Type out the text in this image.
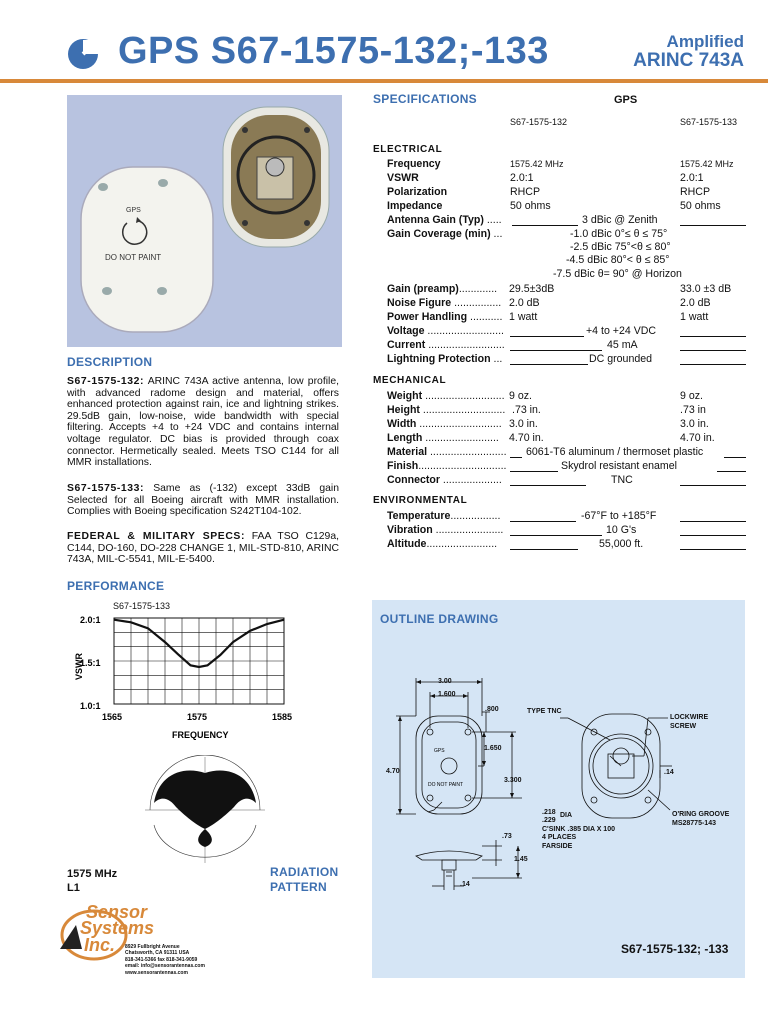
GPS S67-1575-132;-133	Amplified
ARINC 743A
GPS
DO NOT PAINT
DESCRIPTION
S67-1575-132: ARINC 743A active antenna, low profile, with advanced radome design and material, offers enhanced protection against rain, ice and lightning strikes. 29.5dB gain, low-noise, wide bandwidth with special filtering. Accepts +4 to +24 VDC and contains internal voltage regulator. DC bias is provided through coax connector. Hermetically sealed. Meets TSO C144 for all MMR installations.
S67-1575-133: Same as (-132) except 33dB gain Selected for all Boeing aircraft with MMR installation. Complies with Boeing specification S242T104-102.
FEDERAL & MILITARY SPECS: FAA TSO C129a, C144, DO-160, DO-228 CHANGE 1, MIL-STD-810, ARINC 743A, MIL-C-5541, MIL-E-5400.
PERFORMANCE
S67-1575-133
VSWR
2.0:1
1.5:1
1.0:1
1565	1575	1585
FREQUENCY
1575 MHz
L1
RADIATION
PATTERN
Sensor
Systems
Inc. 8929 Fullbright Avenue
Chatsworth, CA 91311 USA
818-341-5366 fax 818-341-9059
email: info@sensorantennas.com
www.sensorantennas.com
SPECIFICATIONS	GPS
S67-1575-132	S67-1575-133
ELECTRICAL
Frequency	1575.42 MHz	1575.42 MHz
VSWR	2.0:1	2.0:1
Polarization	RHCP	RHCP
Impedance	50 ohms	50 ohms
Antenna Gain (Typ) .....	3 dBic @ Zenith
Gain Coverage (min) ...	-1.0 dBic 0°≤ θ ≤ 75°
-2.5 dBic 75°<θ ≤ 80°
-4.5 dBic 80°< θ ≤ 85°
-7.5 dBic θ= 90° @ Horizon
Gain (preamp)............. 29.5±3dB	33.0 ±3 dB
Noise Figure ................ 2.0 dB	2.0 dB
Power Handling ........... 1 watt	1 watt
Voltage ..........................	+4 to +24 VDC
Current ..........................	45 mA
Lightning Protection ...	DC grounded
MECHANICAL
Weight ........................... 9 oz.	9 oz.
Height ............................ .73 in.	.73 in
Width ............................ 3.0 in.	3.0 in.
Length ......................... 4.70 in.	4.70 in.
Material .......................... 6061-T6 aluminum / thermoset plastic
Finish..............................	Skydrol resistant enamel
Connector ....................	TNC
ENVIRONMENTAL
Temperature.................	-67°F to +185°F
Vibration .......................	10 G's
Altitude........................	55,000 ft.
OUTLINE DRAWING
GPS
DO NOT PAINT
3.00
1.600
.800
1.650
4.70
3.300
TYPE TNC
LOCKWIRE
SCREW
.14
.218 DIA
.229
C'SINK .385 DIA X 100
4 PLACES
FARSIDE
O'RING GROOVE
MS28775-143
.73
1.45
.14
S67-1575-132; -133
